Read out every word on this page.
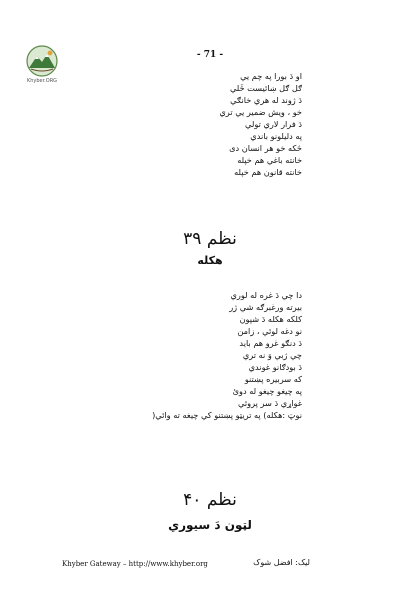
Khyber.ORG
- 71 -
او دَ بورا په چم يي
ګل ګل ښائيست څَلي
دَ ژوند له هري خانګي
خو ، ويش ضمير يي تري
دَ فرار لاري تولي
په دليلونو باندي
څکه خو هر انسان دی
خانته باغي هم خپله
خانته قانون هم خپله
نظم ۳۹
هکله
دا چي دَ غره له لوري
بيرته ورغبرګه شي ژر
کلکه هکله دَ شپون
نو دغه لوئي ، زامن
دَ دنګو غرو هم بايد
چي ژبي وَ نه تري
دَ بودګانو غوندي
که سربيره پښتنو
په چيغو چيغو له دوئ
غواړي دَ سر پروئي
نوټ :هکله) په تريټو پښتنو کي چيغه ته وائي(
نظم ۴۰
لټون دَ سيوري
Khyber Gateway – http://www.khyber.org	ليک: افضل شوک
